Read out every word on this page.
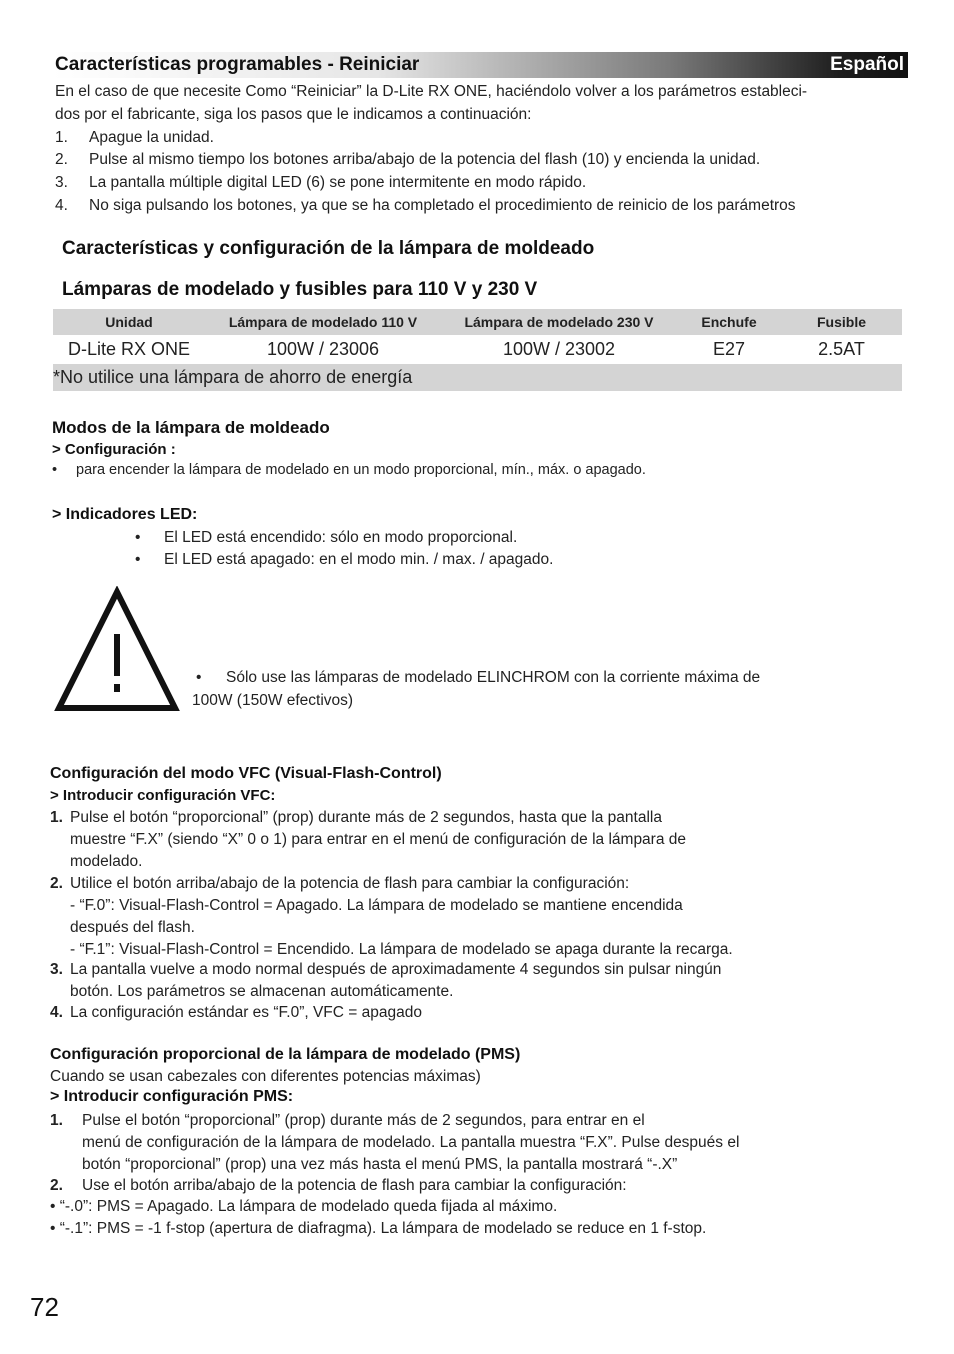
Características programables - Reiniciar	Español
En el caso de que necesite Como “Reiniciar” la D-Lite RX ONE, haciéndolo volver a los parámetros estableci-
dos por el fabricante, siga los pasos que le indicamos a continuación:
1. Apague la unidad.
2. Pulse al mismo tiempo los botones arriba/abajo de la potencia del flash (10) y encienda la unidad.
3. La pantalla múltiple digital LED (6) se pone intermitente en modo rápido.
4. No siga pulsando los botones, ya que se ha completado el procedimiento de reinicio de los parámetros
Características y configuración de la lámpara de moldeado
Lámparas de modelado y fusibles para 110 V y 230 V
Unidad	Lámpara de modelado 110 V	Lámpara de modelado 230 V	Enchufe	Fusible
D-Lite RX ONE	100W / 23006	100W / 23002	E27	2.5AT
*No utilice una lámpara de ahorro de energía				
Modos de la lámpara de moldeado
> Configuración :
• para encender la lámpara de modelado en un modo proporcional, mín., máx. o apagado.
> Indicadores LED:
• El LED está encendido: sólo en modo proporcional.
• El LED está apagado: en el modo min. / max. / apagado.
• Sólo use las lámparas de modelado ELINCHROM con la corriente máxima de
100W (150W efectivos)
Configuración del modo VFC (Visual-Flash-Control)
> Introducir configuración VFC:
1. Pulse el botón “proporcional” (prop) durante más de 2 segundos, hasta que la pantalla
muestre “F.X” (siendo “X” 0 o 1) para entrar en el menú de configuración de la lámpara de
modelado.
2. Utilice el botón arriba/abajo de la potencia de flash para cambiar la configuración:
- “F.0”: Visual-Flash-Control = Apagado. La lámpara de modelado se mantiene encendida
después del flash.
- “F.1”: Visual-Flash-Control = Encendido. La lámpara de modelado se apaga durante la recarga.
3. La pantalla vuelve a modo normal después de aproximadamente 4 segundos sin pulsar ningún
botón. Los parámetros se almacenan automáticamente.
4. La configuración estándar es “F.0”, VFC = apagado
Configuración proporcional de la lámpara de modelado (PMS)
Cuando se usan cabezales con diferentes potencias máximas)
> Introducir configuración PMS:
1. Pulse el botón “proporcional” (prop) durante más de 2 segundos, para entrar en el
menú de configuración de la lámpara de modelado. La pantalla muestra “F.X”. Pulse después el
botón “proporcional” (prop) una vez más hasta el menú PMS, la pantalla mostrará “-.X”
2. Use el botón arriba/abajo de la potencia de flash para cambiar la configuración:
• “-.0”: PMS = Apagado. La lámpara de modelado queda fijada al máximo.
• “-.1”: PMS = -1 f-stop (apertura de diafragma). La lámpara de modelado se reduce en 1 f-stop.
72
